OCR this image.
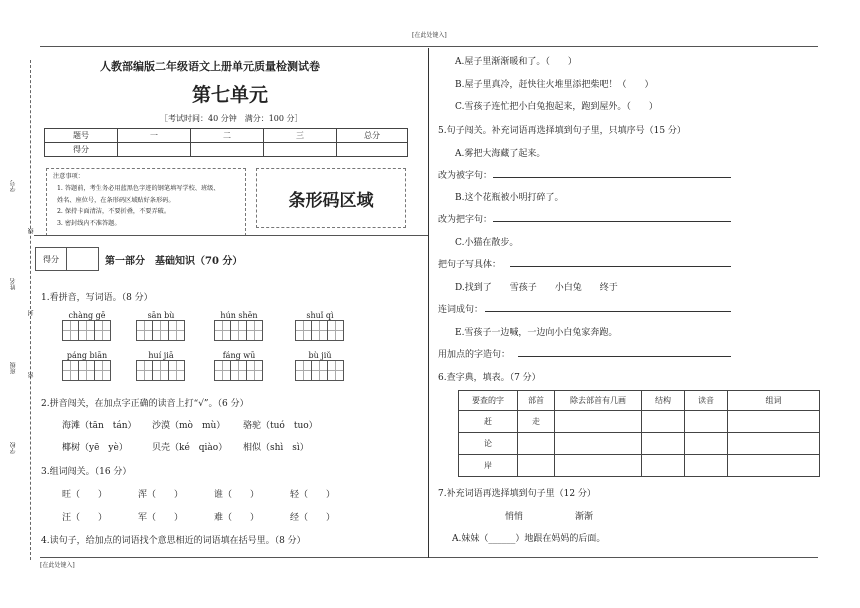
[在此处键入]
[在此处键入]
学号
线
姓名
封
班级
密
学校
人教部编版二年级语文上册单元质量检测试卷
第七单元
［考试时间：40 分钟　满分：100 分］
题号	一	二	三	总分
得分				
注意事项：
1. 答题前，考生务必用蓝黑色字迹的钢笔填写学校、班级、
姓名、座位号，在条形码区域贴好条形码。
2. 保持卡面清洁，不要折叠，不要弄破。
3. 密封线内不准答题。
条形码区域
得分	第一部分　基础知识（70 分）
1.看拼音，写词语。（8 分）
chàng gē	sān bù	hún shēn	shuǐ qì
páng biān	huí jiā	fáng wū	bù jiǔ
2.拼音闯关，在加点字正确的读音上打“√”。（6 分）
海滩（tān　tán） 沙漠（mò　mù） 骆驼（tuó　tuo）
椰树（yē　yè）	贝壳（ké　qiào） 相似（shì　sì）
3.组词闯关。（16 分）
旺（　　）	浑（　　）	谁（　　）	轻（　　）
汪（　　）	军（　　）	难（　　）	经（　　）
4.读句子，给加点的词语找个意思相近的词语填在括号里。（8 分）
A.屋子里渐渐暖和了。（　　）
B.屋子里真冷，赶快往火堆里添把柴吧！（　　）
C.雪孩子连忙把小白兔抱起来，跑到屋外。（　　）
5.句子闯关。补充词语再选择填到句子里，只填序号（15 分）
A.雾把大海藏了起来。
改为被字句：
B.这个花瓶被小明打碎了。
改为把字句：
C.小猫在散步。
把句子写具体：
D.找到了　　雪孩子　　小白兔　　终于
连词成句：
E.雪孩子一边喊，一边向小白兔家奔跑。
用加点的字造句：
6.查字典，填表。（7 分）
要查的字	部首	除去部首有几画	结构	读音	组词
赶	走				
论					
岸					
7.补充词语再选择填到句子里（12 分）
悄悄	渐渐
A.妹妹（______）地跟在妈妈的后面。
